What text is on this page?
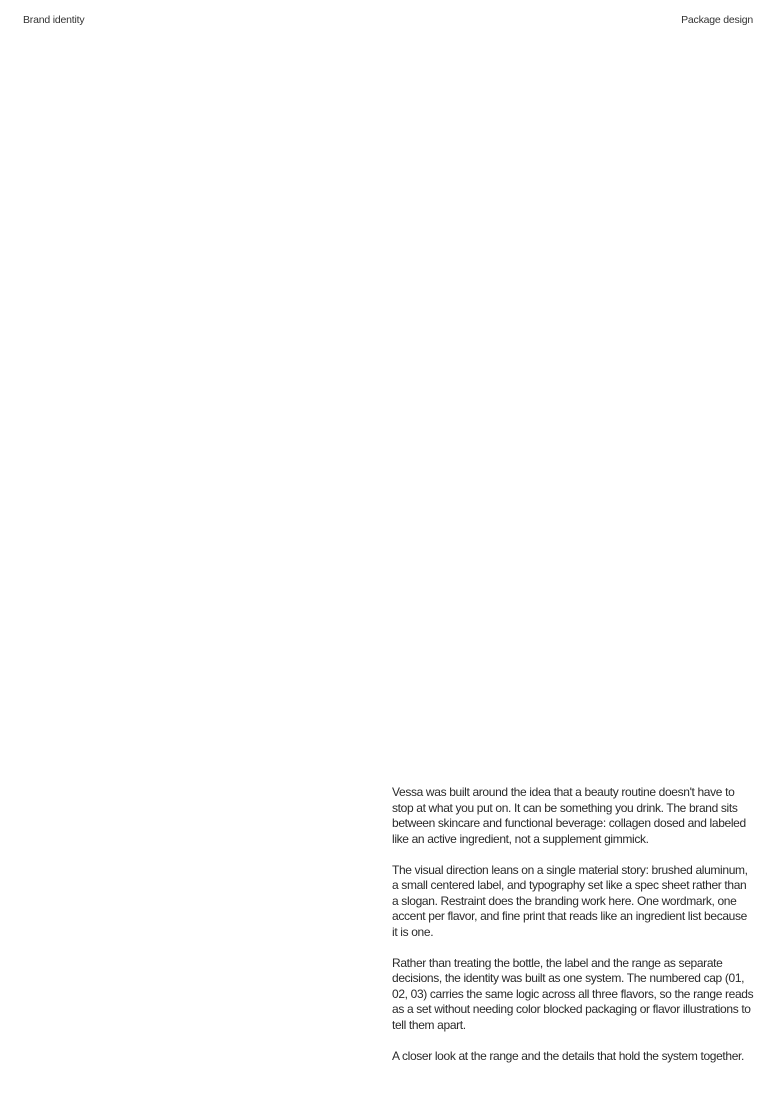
Brand identity	Package design

Vessa was built around the idea that a beauty routine doesn't have to stop at what you put on. It can be something you drink. The brand sits between skincare and functional beverage: collagen dosed and labeled like an active ingredient, not a supplement gimmick.

The visual direction leans on a single material story: brushed aluminum, a small centered label, and typography set like a spec sheet rather than a slogan. Restraint does the branding work here. One wordmark, one accent per flavor, and fine print that reads like an ingredient list because it is one.

Rather than treating the bottle, the label and the range as separate decisions, the identity was built as one system. The numbered cap (01, 02, 03) carries the same logic across all three flavors, so the range reads as a set without needing color blocked packaging or flavor illustrations to tell them apart.

A closer look at the range and the details that hold the system together.
